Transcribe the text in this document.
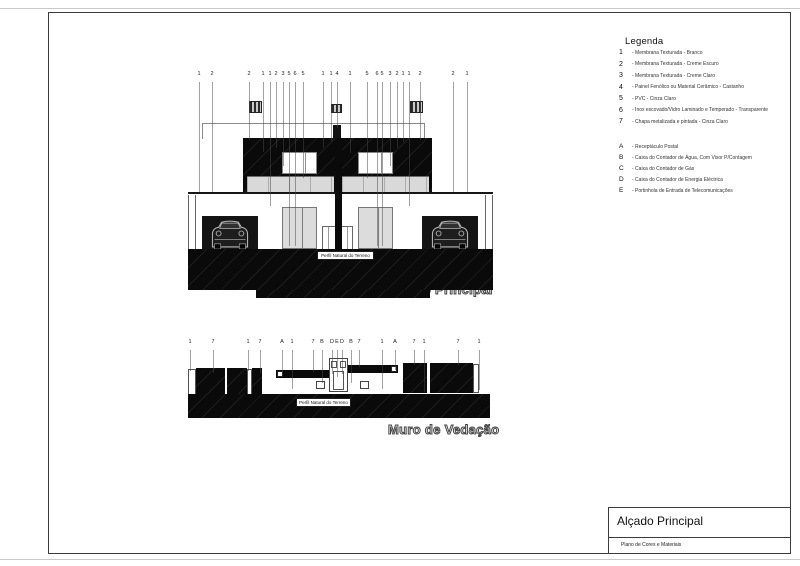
Legenda
1	- Membrana Texturada - Branco
2	- Membrana Texturada - Creme Escuro
3	- Membrana Texturada - Creme Claro
4	- Painel Fenólico ou Material Cerâmico - Castanho
5	- PVC - Cinza Claro
6	- Inox escovado/Vidro Laminado e Temperado - Transparente
7	- Chapa metalizada e pintada - Cinza Claro
A	- Receptáculo Postal
B	- Caixa do Contador de Água, Com Visor P/Contagem
C	- Caixa do Contador de Gás
D	- Caixa do Contador de Energia Eléctrica
E	- Portinhola de Entrada de Telecomunicações
1 2	2 1 1 2 3 5 6 5	1 1 4 1	5 6 5 3 2 1 1 2	2 1
Perfil Natural do Terreno
1	7	1 7	A 1	7 B D E D B 7	1 A	7 1	7	1
Perfil Natural do Terreno
Muro de Vedação
Alçado Principal
Plano de Cores e Materiais
